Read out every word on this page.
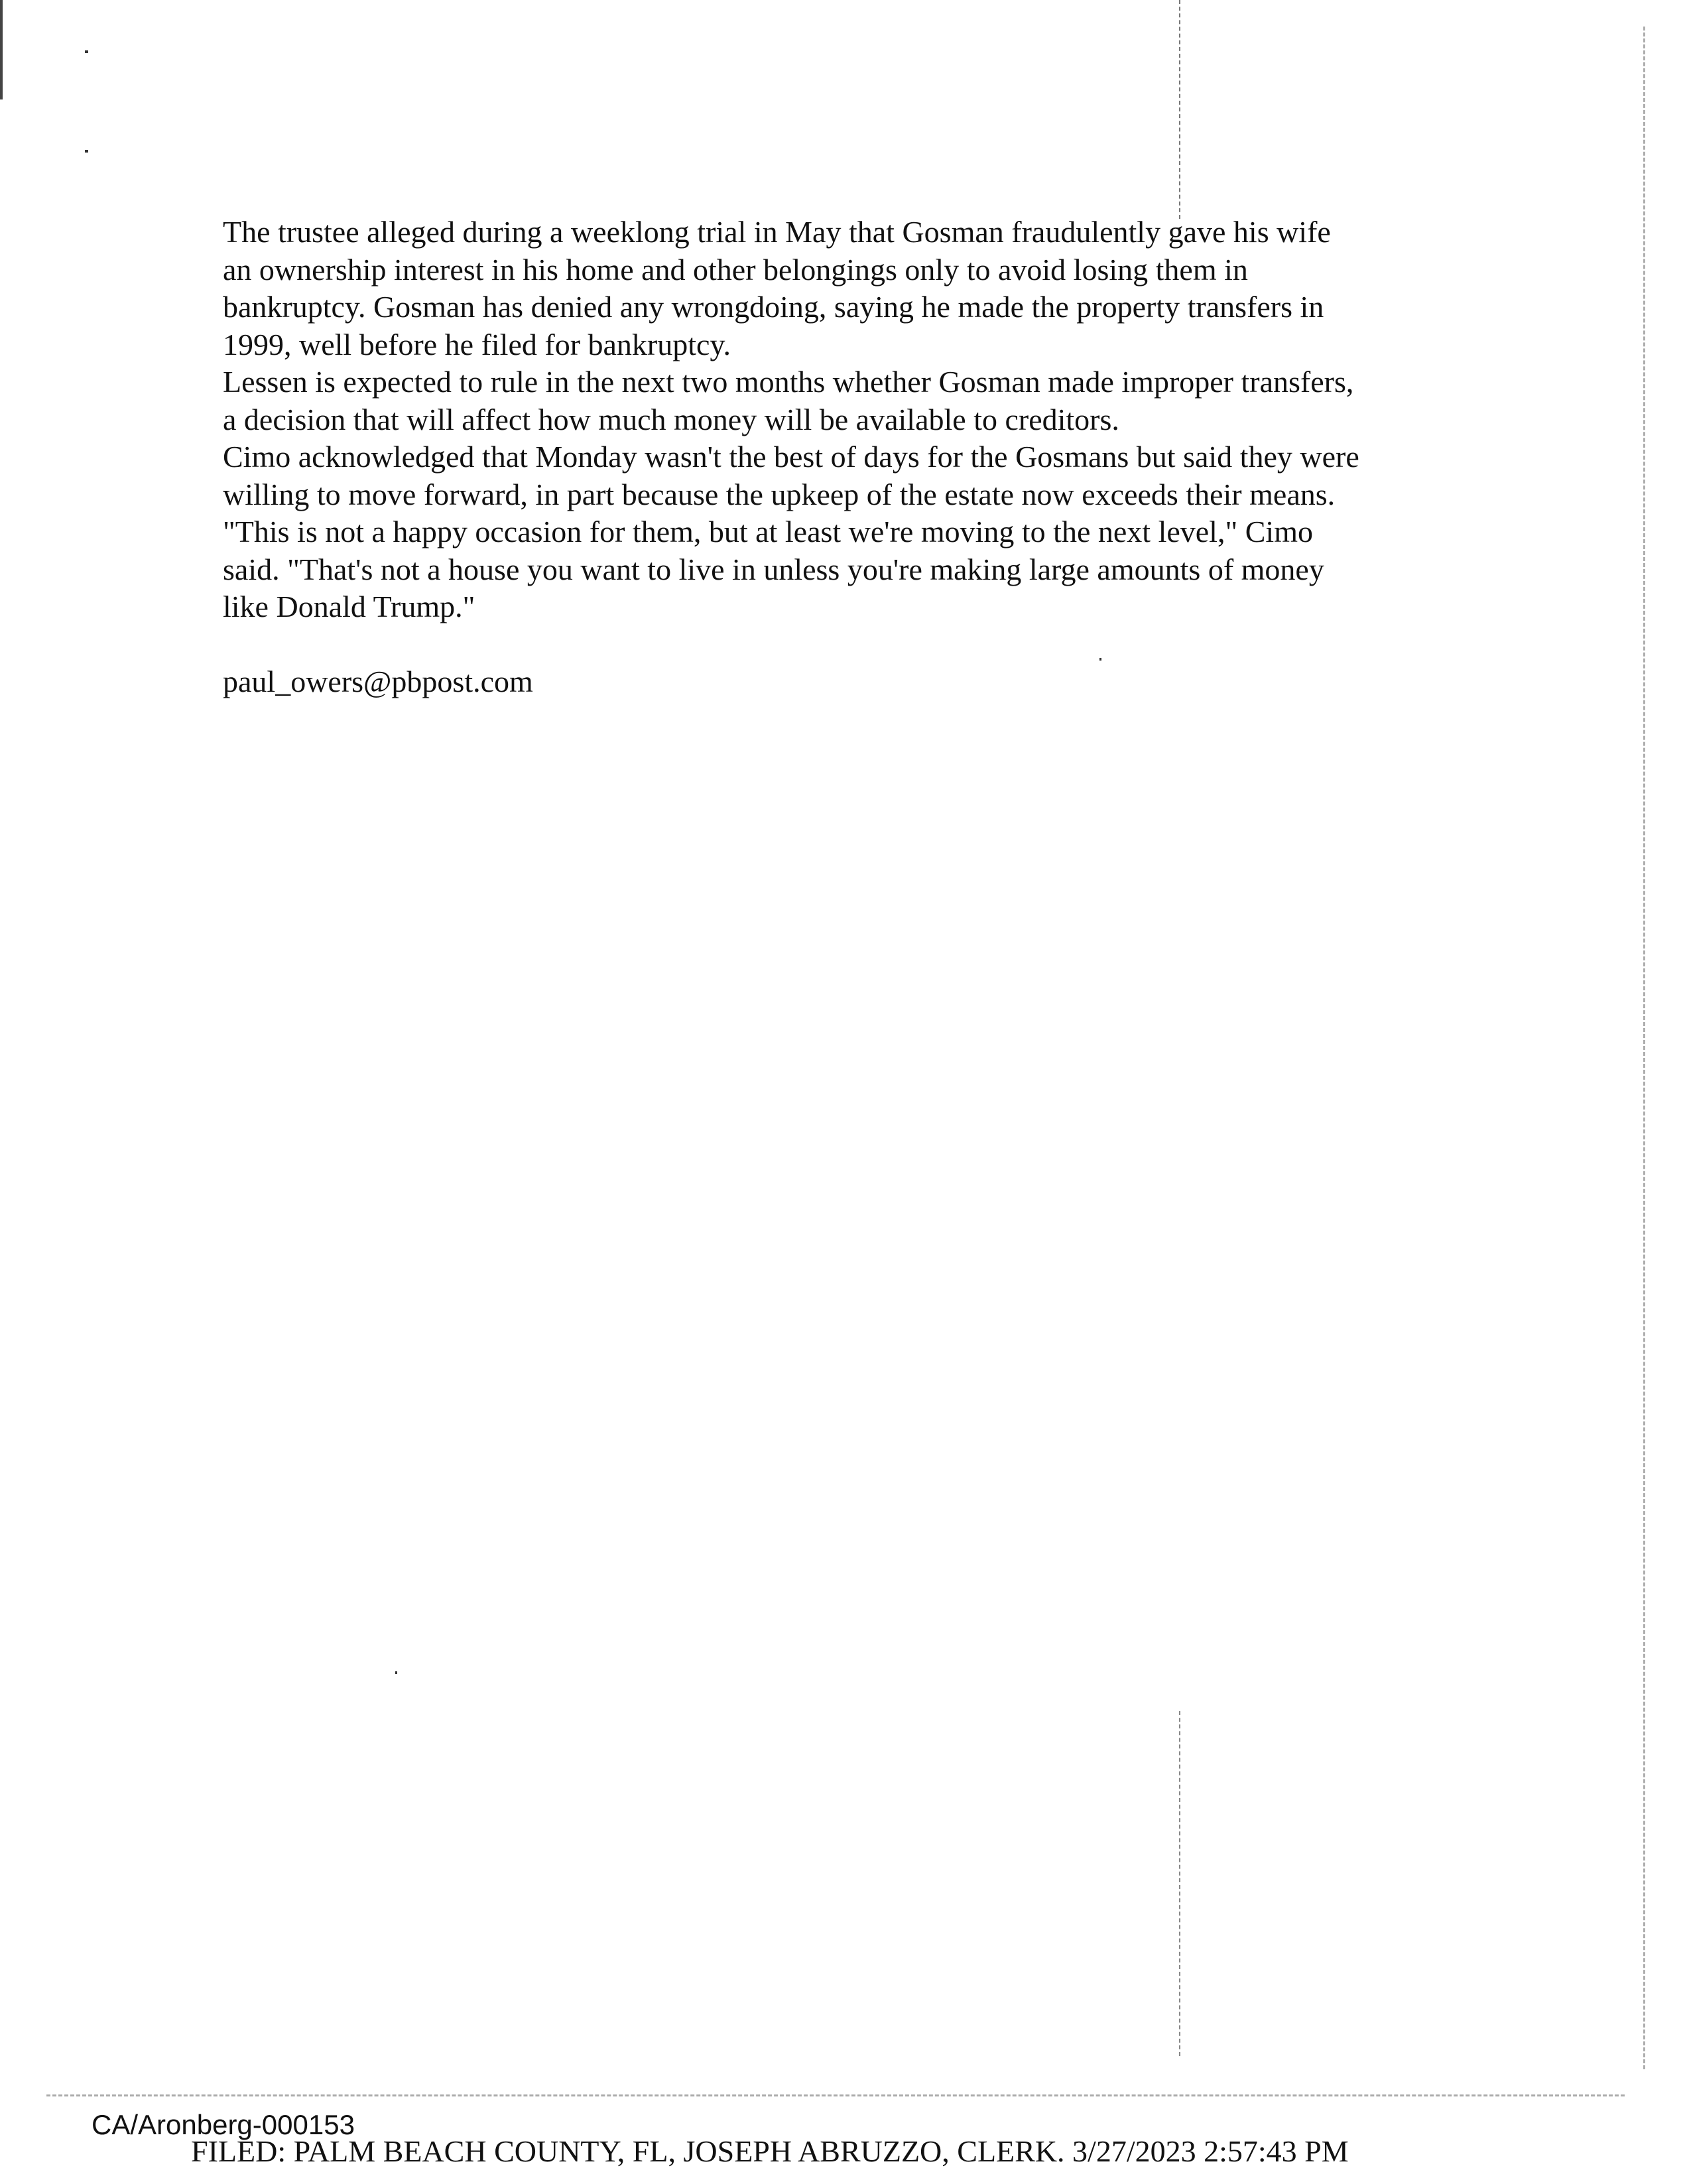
The trustee alleged during a weeklong trial in May that Gosman fraudulently gave his wife
an ownership interest in his home and other belongings only to avoid losing them in
bankruptcy. Gosman has denied any wrongdoing, saying he made the property transfers in
1999, well before he filed for bankruptcy.

Lessen is expected to rule in the next two months whether Gosman made improper transfers,
a decision that will affect how much money will be available to creditors.

Cimo acknowledged that Monday wasn't the best of days for the Gosmans but said they were
willing to move forward, in part because the upkeep of the estate now exceeds their means.

"This is not a happy occasion for them, but at least we're moving to the next level," Cimo
said. "That's not a house you want to live in unless you're making large amounts of money
like Donald Trump."

paul_owers@pbpost.com

CA/Aronberg-000153
FILED: PALM BEACH COUNTY, FL, JOSEPH ABRUZZO, CLERK. 3/27/2023 2:57:43 PM
